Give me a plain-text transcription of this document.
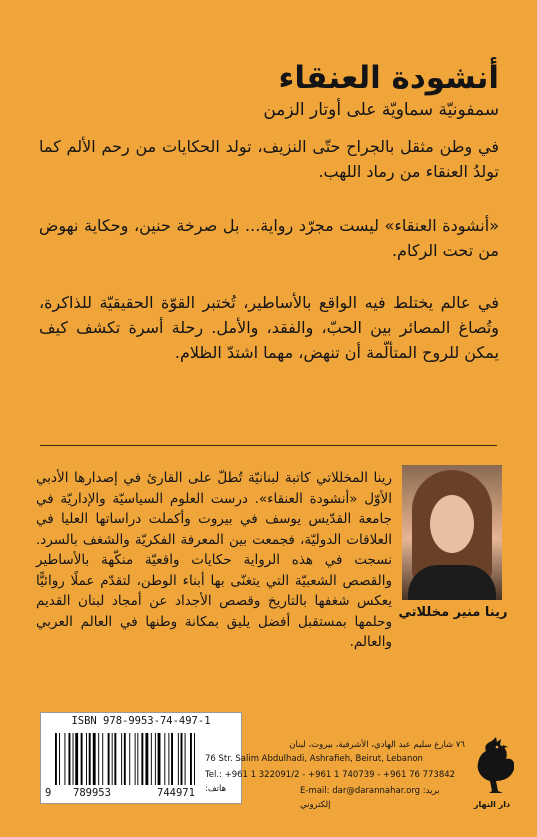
أنشودة العنقاء
سمفونيّة سماويّة على أوتار الزمن
في وطن مثقل بالجراح حتّى النزيف، تولد الحكايات من رحم الألم كما تولدُ العنقاء من رماد اللهب.
«أنشودة العنقاء» ليست مجرّد رواية... بل صرخة حنين، وحكاية نهوض من تحت الركام.
في عالم يختلط فيه الواقع بالأساطير، تُختبر القوّة الحقيقيّة للذاكرة، وتُصاغ المصائر بين الحبّ، والفقد، والأمل. رحلة أسرة تكشف كيف يمكن للروح المتألّمة أن تنهض، مهما اشتدّ الظلام.
رينا منير مخللاتي
رينا المخللاتي كاتبة لبنانيّة تُطلّ على القارئ في إصدارها الأدبي الأوّل «أنشودة العنقاء». درست العلوم السياسيّة والإداريّة في جامعة القدّيس يوسف في بيروت وأكملت دراساتها العليا في العلاقات الدوليّة، فجمعت بين المعرفة الفكريّة والشغف بالسرد. نسجت في هذه الرواية حكايات واقعيّة منكّهة بالأساطير والقصص الشعبيّة التي يتغنّى بها أبناء الوطن، لتقدّم عملًا روائيًّا يعكس شغفها بالتاريخ وقصص الأجداد عن أمجاد لبنان القديم وحلمها بمستقبل أفضل يليق بمكانة وطنها في العالم العربي والعالم.
ISBN 978-9953-74-497-1
9 789953	744971
٧٦ شارع سليم عبد الهادي، الأشرفية، بيروت، لبنان
76 Str. Salim Abdulhadi, Ashrafieh, Beirut, Lebanon
Tel.: +961 1 322091/2 - +961 1 740739 - +961 76 773842 :هاتف	E-mail: dar@darannahar.org :بريد إلكتروني	دار النهار
